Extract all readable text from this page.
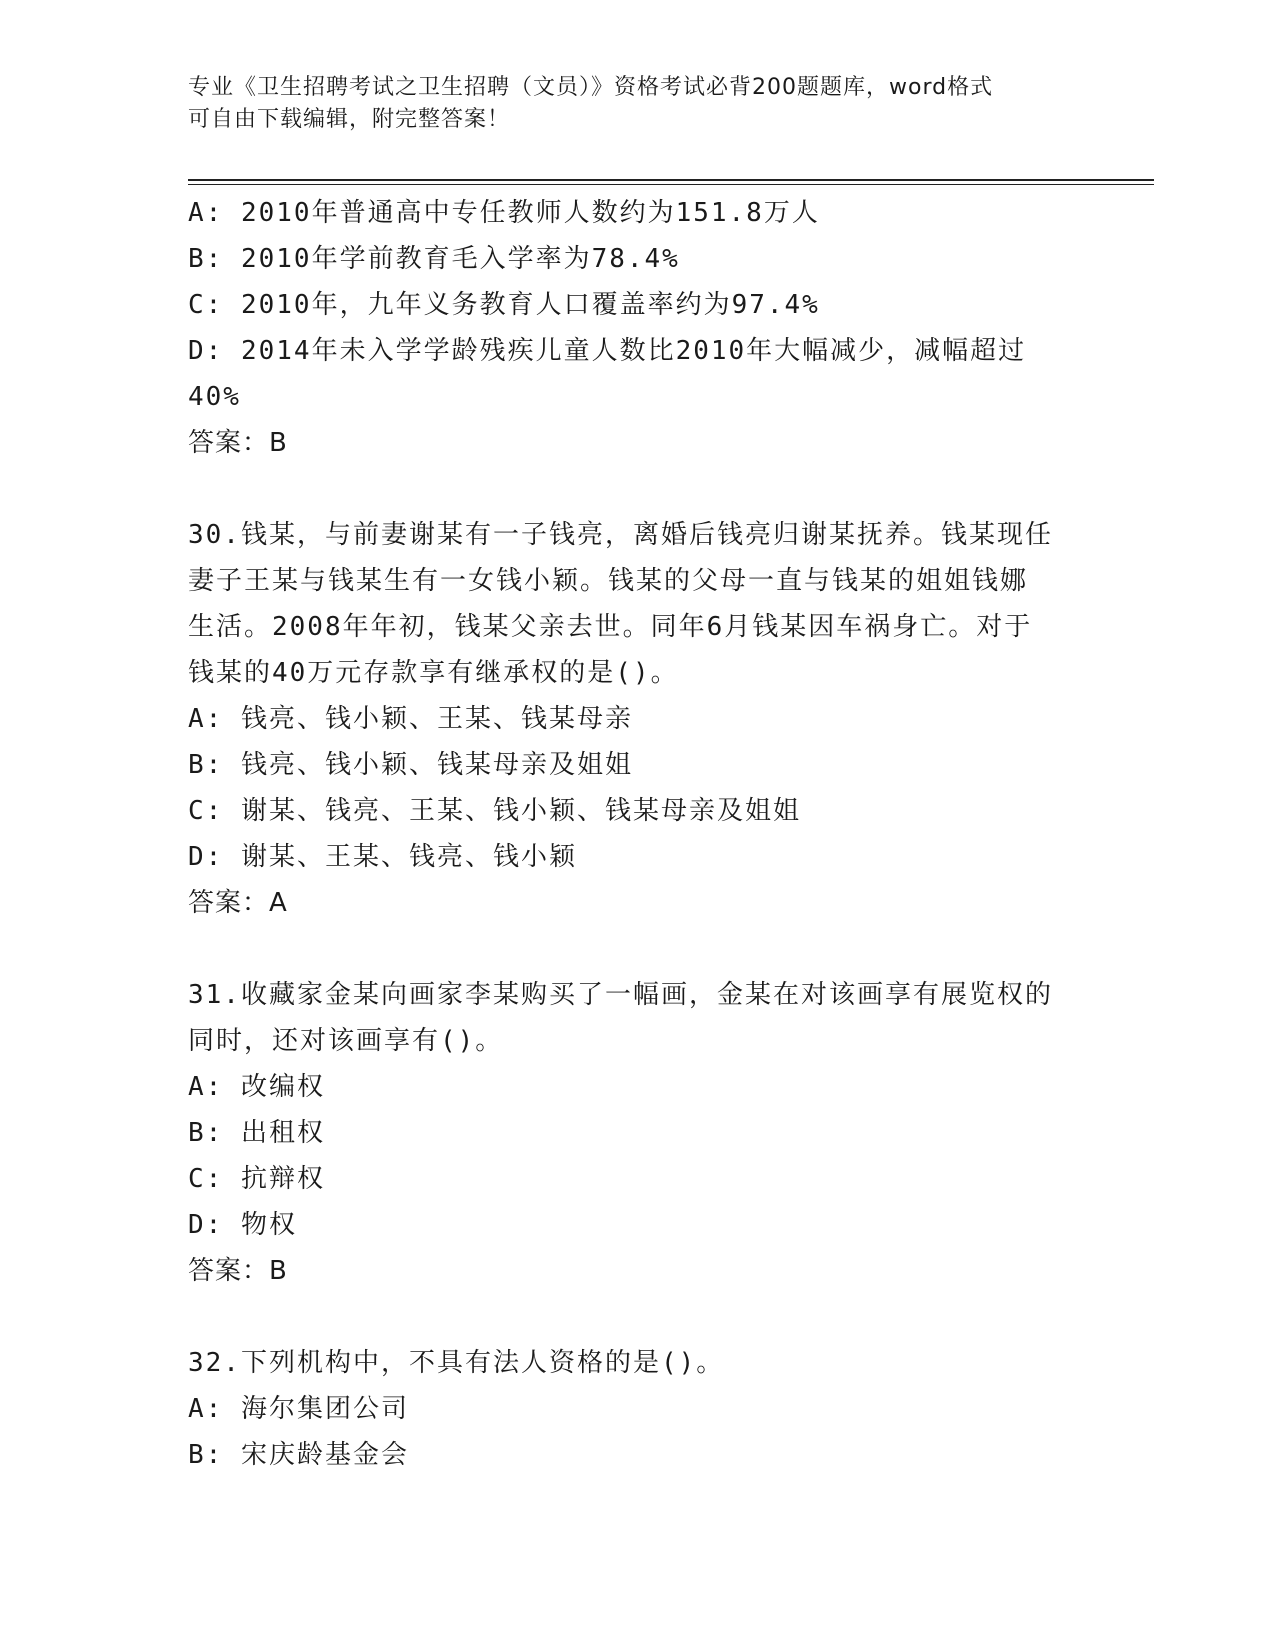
专业《卫生招聘考试之卫生招聘（文员）》资格考试必背200题题库，word格式
可自由下载编辑，附完整答案！
A: 2010年普通高中专任教师人数约为151.8万人
B: 2010年学前教育毛入学率为78.4%
C: 2010年，九年义务教育人口覆盖率约为97.4%
D: 2014年未入学学龄残疾儿童人数比2010年大幅减少，减幅超过
40%
答案：B
30.钱某，与前妻谢某有一子钱亮，离婚后钱亮归谢某抚养。钱某现任
妻子王某与钱某生有一女钱小颖。钱某的父母一直与钱某的姐姐钱娜
生活。2008年年初，钱某父亲去世。同年6月钱某因车祸身亡。对于
钱某的40万元存款享有继承权的是()。
A: 钱亮、钱小颖、王某、钱某母亲
B: 钱亮、钱小颖、钱某母亲及姐姐
C: 谢某、钱亮、王某、钱小颖、钱某母亲及姐姐
D: 谢某、王某、钱亮、钱小颖
答案：A
31.收藏家金某向画家李某购买了一幅画，金某在对该画享有展览权的
同时，还对该画享有()。
A: 改编权
B: 出租权
C: 抗辩权
D: 物权
答案：B
32.下列机构中，不具有法人资格的是()。
A: 海尔集团公司
B: 宋庆龄基金会
